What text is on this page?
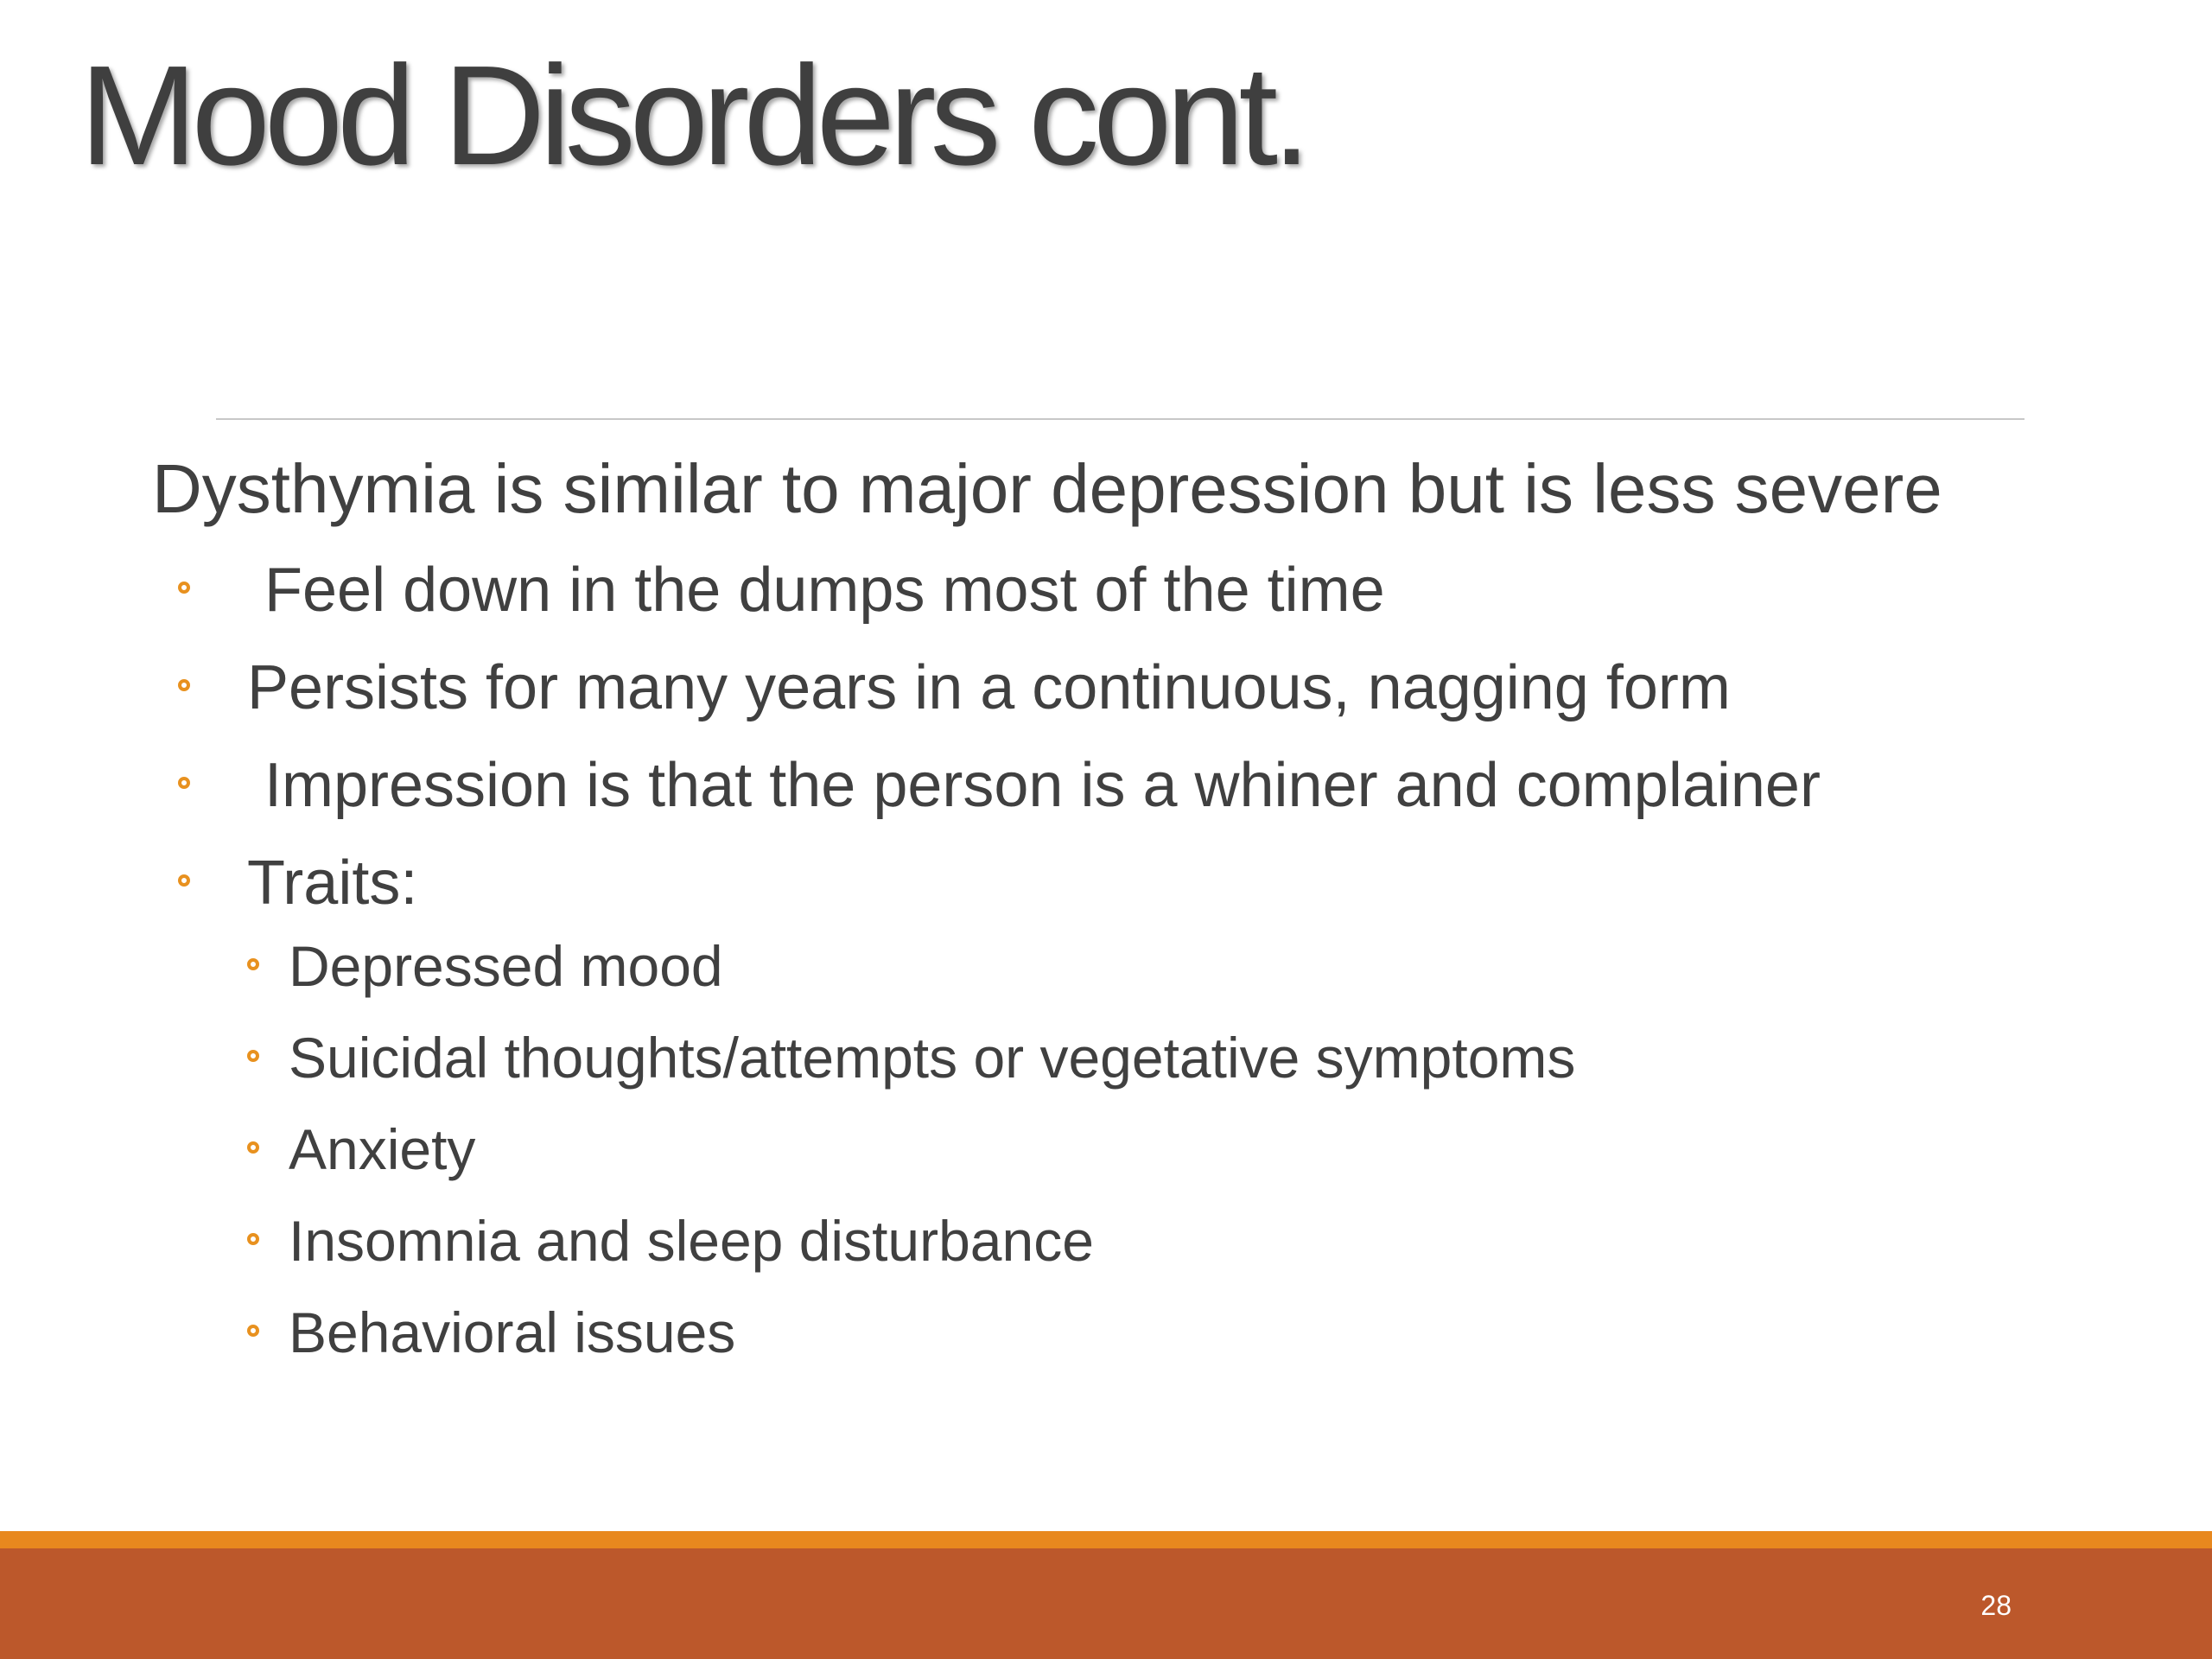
Mood Disorders cont.

Dysthymia is similar to major depression but is less severe

Feel down in the dumps most of the time
Persists for many years in a continuous, nagging form
Impression is that the person is a whiner and complainer
Traits:
Depressed mood
Suicidal thoughts/attempts or vegetative symptoms
Anxiety
Insomnia and sleep disturbance
Behavioral issues
28
